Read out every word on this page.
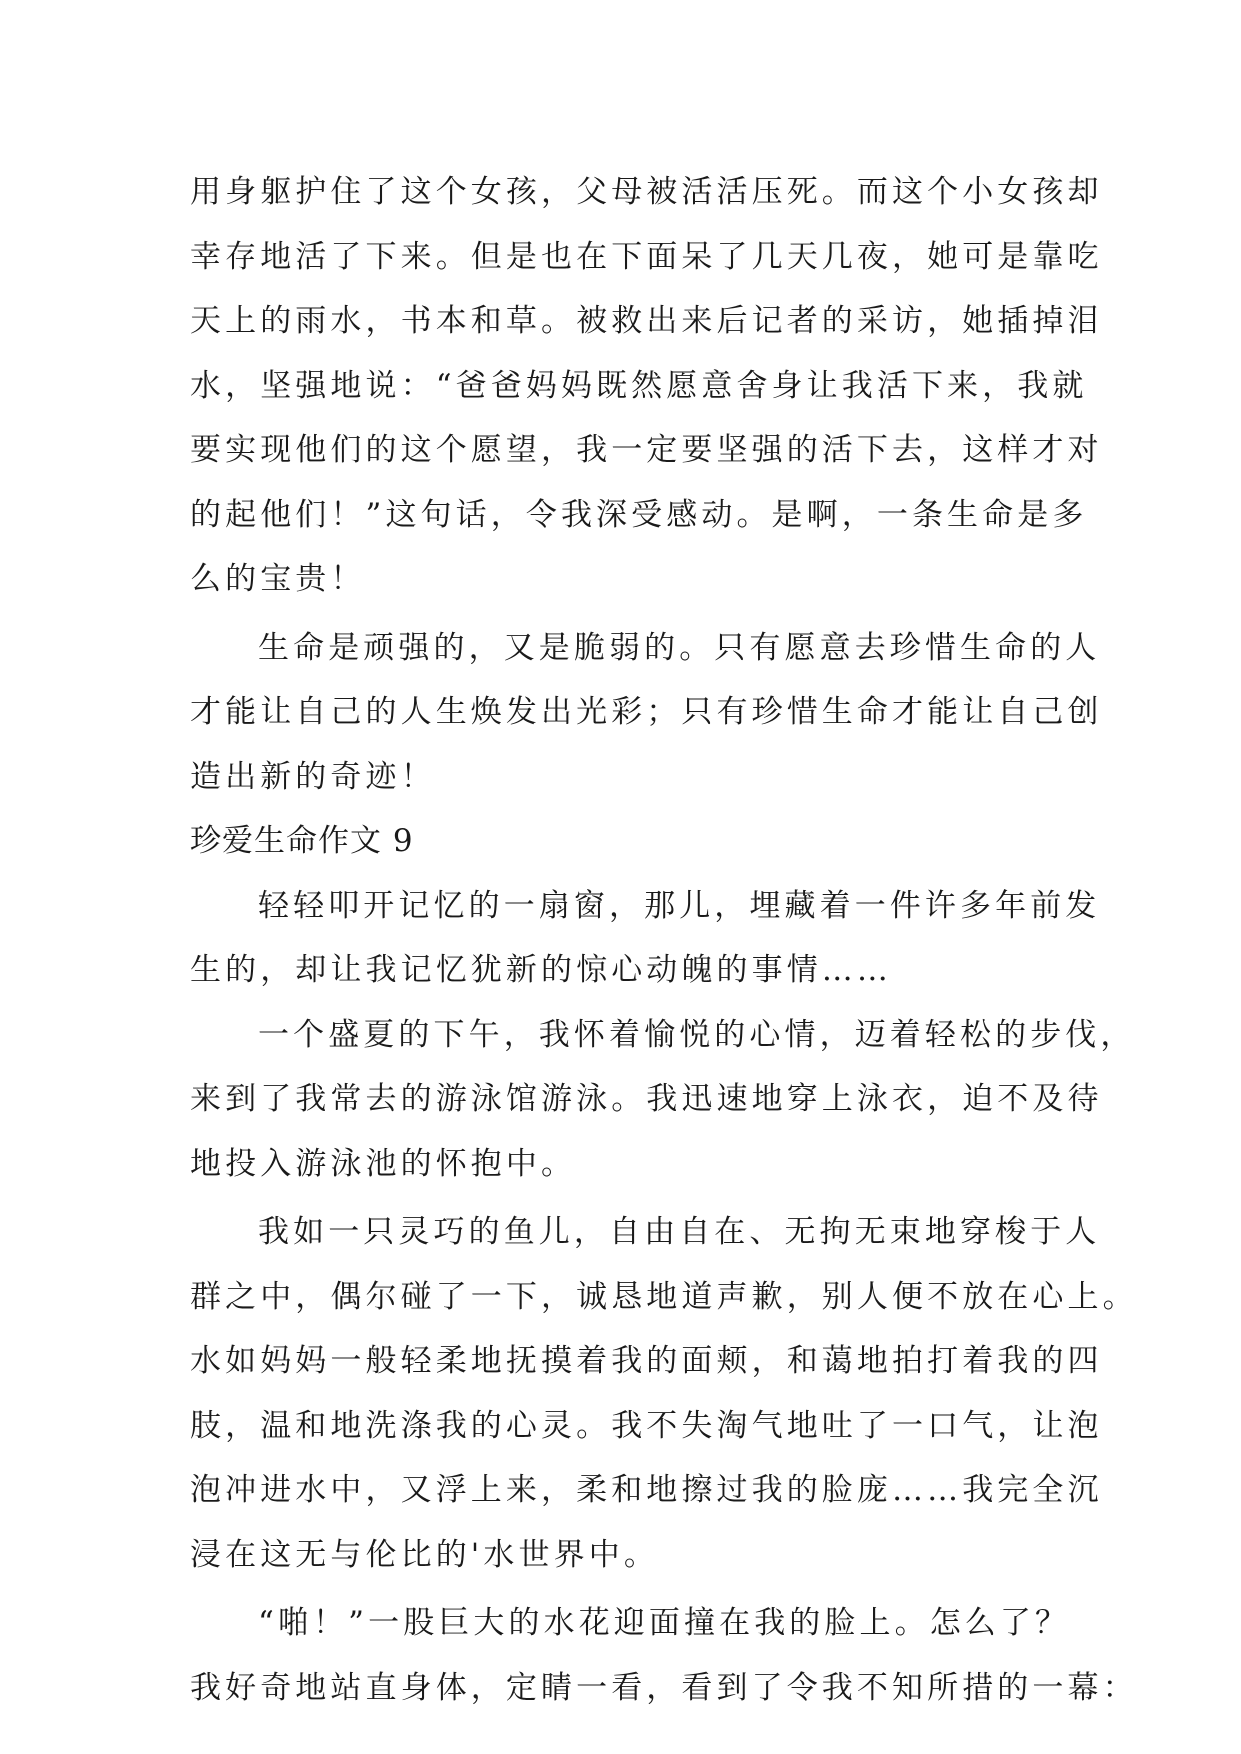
用身躯护住了这个女孩，父母被活活压死。而这个小女孩却
幸存地活了下来。但是也在下面呆了几天几夜，她可是靠吃
天上的雨水，书本和草。被救出来后记者的采访，她插掉泪
水，坚强地说：“爸爸妈妈既然愿意舍身让我活下来，我就
要实现他们的这个愿望，我一定要坚强的活下去，这样才对
的起他们！”这句话，令我深受感动。是啊，一条生命是多
么的宝贵！
生命是顽强的，又是脆弱的。只有愿意去珍惜生命的人
才能让自己的人生焕发出光彩；只有珍惜生命才能让自己创
造出新的奇迹！
珍爱生命作文 9
轻轻叩开记忆的一扇窗，那儿，埋藏着一件许多年前发
生的，却让我记忆犹新的惊心动魄的事情……
一个盛夏的下午，我怀着愉悦的心情，迈着轻松的步伐，
来到了我常去的游泳馆游泳。我迅速地穿上泳衣，迫不及待
地投入游泳池的怀抱中。
我如一只灵巧的鱼儿，自由自在、无拘无束地穿梭于人
群之中，偶尔碰了一下，诚恳地道声歉，别人便不放在心上。
水如妈妈一般轻柔地抚摸着我的面颊，和蔼地拍打着我的四
肢，温和地洗涤我的心灵。我不失淘气地吐了一口气，让泡
泡冲进水中，又浮上来，柔和地擦过我的脸庞……我完全沉
浸在这无与伦比的'水世界中。
“啪！”一股巨大的水花迎面撞在我的脸上。怎么了？
我好奇地站直身体，定睛一看，看到了令我不知所措的一幕：
